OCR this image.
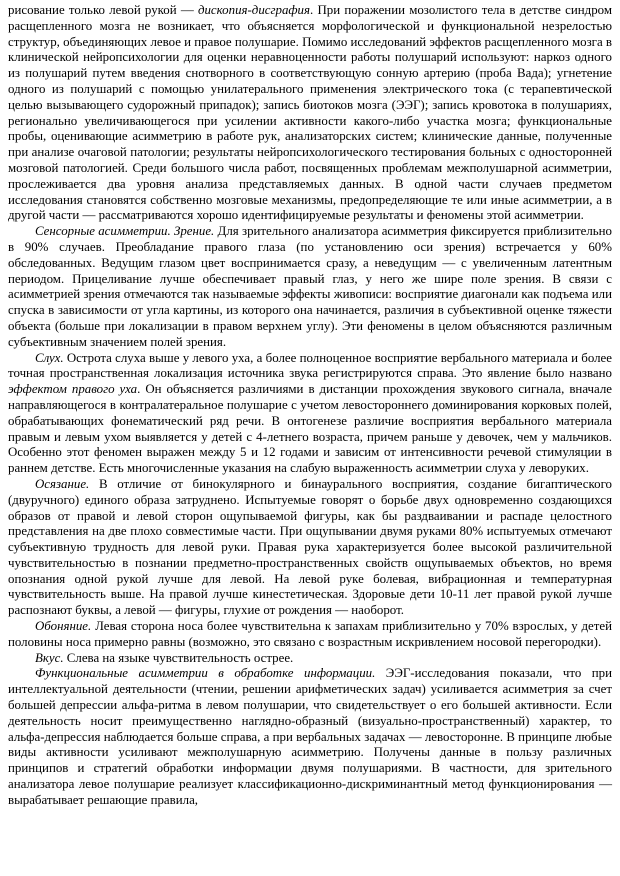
рисование только левой рукой — дископия-дисграфия. При поражении мозолистого тела в детстве синдром расщепленного мозга не возникает, что объясняется морфологической и функциональной незрелостью структур, объединяющих левое и правое полушарие. Помимо исследований эффектов расщепленного мозга в клинической нейропсихологии для оценки неравноценности работы полушарий используют: наркоз одного из полушарий путем введения снотворного в соответствующую сонную артерию (проба Вада); угнетение одного из полушарий с помощью унилатерального применения электрического тока (с терапевтической целью вызывающего судорожный припадок); запись биотоков мозга (ЭЭГ); запись кровотока в полушариях, регионально увеличивающегося при усилении активности какого-либо участка мозга; функциональные пробы, оценивающие асимметрию в работе рук, анализаторских систем; клинические данные, полученные при анализе очаговой патологии; результаты нейропсихологического тестирования больных с односторонней мозговой патологией. Среди большого числа работ, посвященных проблемам межполушарной асимметрии, прослеживается два уровня анализа представляемых данных. В одной части случаев предметом исследования становятся собственно мозговые механизмы, предопределяющие те или иные асимметрии, а в другой части — рассматриваются хорошо идентифицируемые результаты и феномены этой асимметрии.

Сенсорные асимметрии. Зрение. Для зрительного анализатора асимметрия фиксируется приблизительно в 90% случаев. Преобладание правого глаза (по установлению оси зрения) встречается у 60% обследованных. Ведущим глазом цвет воспринимается сразу, а неведущим — с увеличенным латентным периодом. Прицеливание лучше обеспечивает правый глаз, у него же шире поле зрения. В связи с асимметрией зрения отмечаются так называемые эффекты живописи: восприятие диагонали как подъема или спуска в зависимости от угла картины, из которого она начинается, различия в субъективной оценке тяжести объекта (больше при локализации в правом верхнем углу). Эти феномены в целом объясняются различным субъективным значением полей зрения.

Слух. Острота слуха выше у левого уха, а более полноценное восприятие вербального материала и более точная пространственная локализация источника звука регистрируются справа. Это явление было названо эффектом правого уха. Он объясняется различиями в дистанции прохождения звукового сигнала, вначале направляющегося в контралатеральное полушарие с учетом левостороннего доминирования корковых полей, обрабатывающих фонематический ряд речи. В онтогенезе различие восприятия вербального материала правым и левым ухом выявляется у детей с 4-летнего возраста, причем раньше у девочек, чем у мальчиков. Особенно этот феномен выражен между 5 и 12 годами и зависим от интенсивности речевой стимуляции в раннем детстве. Есть многочисленные указания на слабую выраженность асимметрии слуха у леворуких.

Осязание. В отличие от бинокулярного и бинаурального восприятия, создание бигаптического (двуручного) единого образа затруднено. Испытуемые говорят о борьбе двух одновременно создающихся образов от правой и левой сторон ощупываемой фигуры, как бы раздваивании и распаде целостного представления на две плохо совместимые части. При ощупывании двумя руками 80% испытуемых отмечают субъективную трудность для левой руки. Правая рука характеризуется более высокой различительной чувствительностью в познании предметно-пространственных свойств ощупываемых объектов, но время опознания одной рукой лучше для левой. На левой руке болевая, вибрационная и температурная чувствительность выше. На правой лучше кинестетическая. Здоровые дети 10-11 лет правой рукой лучше распознают буквы, а левой — фигуры, глухие от рождения — наоборот.

Обоняние. Левая сторона носа более чувствительна к запахам приблизительно у 70% взрослых, у детей половины носа примерно равны (возможно, это связано с возрастным искривлением носовой перегородки).

Вкус. Слева на языке чувствительность острее.

Функциональные асимметрии в обработке информации. ЭЭГ-исследования показали, что при интеллектуальной деятельности (чтении, решении арифметических задач) усиливается асимметрия за счет большей депрессии альфа-ритма в левом полушарии, что свидетельствует о его большей активности. Если деятельность носит преимущественно наглядно-образный (визуально-пространственный) характер, то альфа-депрессия наблюдается больше справа, а при вербальных задачах — левосторонне. В принципе любые виды активности усиливают межполушарную асимметрию. Получены данные в пользу различных принципов и стратегий обработки информации двумя полушариями. В частности, для зрительного анализатора левое полушарие реализует классификационно-дискриминантный метод функционирования — вырабатывает решающие правила,
